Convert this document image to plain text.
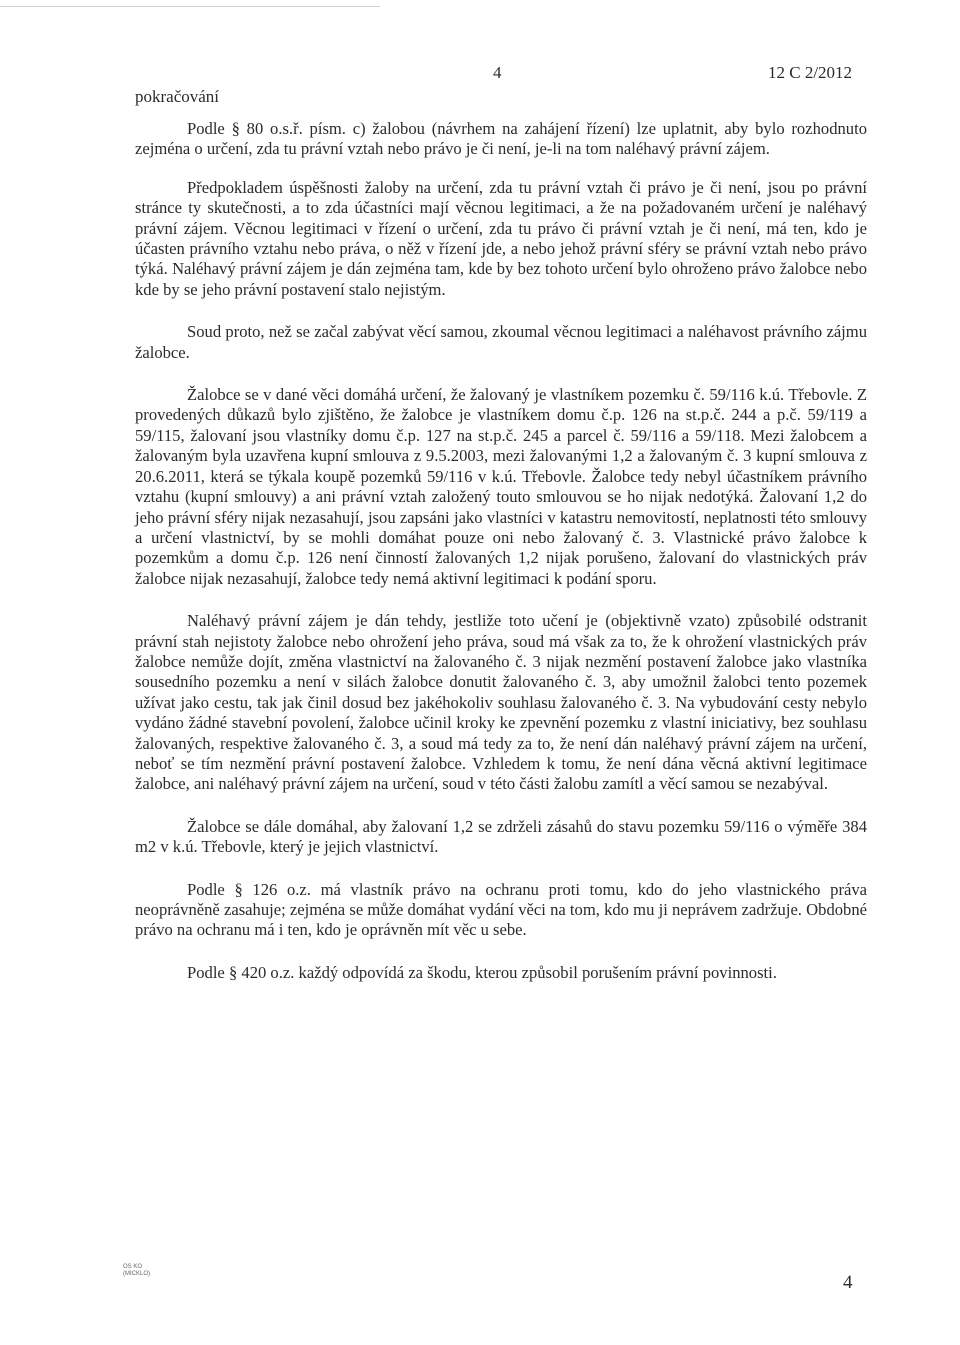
4	12 C 2/2012
pokračování

Podle § 80 o.s.ř. písm. c) žalobou (návrhem na zahájení řízení) lze uplatnit, aby bylo rozhodnuto zejména o určení, zda tu právní vztah nebo právo je či není, je-li na tom naléhavý právní zájem.

Předpokladem úspěšnosti žaloby na určení, zda tu právní vztah či právo je či není, jsou po právní stránce ty skutečnosti, a to zda účastníci mají věcnou legitimaci, a že na požadovaném určení je naléhavý právní zájem. Věcnou legitimaci v řízení o určení, zda tu právo či právní vztah je či není, má ten, kdo je účasten právního vztahu nebo práva, o něž v řízení jde, a nebo jehož právní sféry se právní vztah nebo právo týká. Naléhavý právní zájem je dán zejména tam, kde by bez tohoto určení bylo ohroženo právo žalobce nebo kde by se jeho právní postavení stalo nejistým.

Soud proto, než se začal zabývat věcí samou, zkoumal věcnou legitimaci a naléhavost právního zájmu žalobce.

Žalobce se v dané věci domáhá určení, že žalovaný je vlastníkem pozemku č. 59/116 k.ú. Třebovle. Z provedených důkazů bylo zjištěno, že žalobce je vlastníkem domu č.p. 126 na st.p.č. 244 a p.č. 59/119 a 59/115, žalovaní jsou vlastníky domu č.p. 127 na st.p.č. 245 a parcel č. 59/116 a 59/118. Mezi žalobcem a žalovaným byla uzavřena kupní smlouva z 9.5.2003, mezi žalovanými 1,2 a žalovaným č. 3 kupní smlouva z 20.6.2011, která se týkala koupě pozemků 59/116 v k.ú. Třebovle. Žalobce tedy nebyl účastníkem právního vztahu (kupní smlouvy) a ani právní vztah založený touto smlouvou se ho nijak nedotýká. Žalovaní 1,2 do jeho právní sféry nijak nezasahují, jsou zapsáni jako vlastníci v katastru nemovitostí, neplatnosti této smlouvy a určení vlastnictví, by se mohli domáhat pouze oni nebo žalovaný č. 3. Vlastnické právo žalobce k pozemkům a domu č.p. 126 není činností žalovaných 1,2 nijak porušeno, žalovaní do vlastnických práv žalobce nijak nezasahují, žalobce tedy nemá aktivní legitimaci k podání sporu.

Naléhavý právní zájem je dán tehdy, jestliže toto učení je (objektivně vzato) způsobilé odstranit právní stah nejistoty žalobce nebo ohrožení jeho práva, soud má však za to, že k ohrožení vlastnických práv žalobce nemůže dojít, změna vlastnictví na žalovaného č. 3 nijak nezmění postavení žalobce jako vlastníka sousedního pozemku a není v silách žalobce donutit žalovaného č. 3, aby umožnil žalobci tento pozemek užívat jako cestu, tak jak činil dosud bez jakéhokoliv souhlasu žalovaného č. 3. Na vybudování cesty nebylo vydáno žádné stavební povolení, žalobce učinil kroky ke zpevnění pozemku z vlastní iniciativy, bez souhlasu žalovaných, respektive žalovaného č. 3, a soud má tedy za to, že není dán naléhavý právní zájem na určení, neboť se tím nezmění právní postavení žalobce. Vzhledem k tomu, že není dána věcná aktivní legitimace žalobce, ani naléhavý právní zájem na určení, soud v této části žalobu zamítl a věcí samou se nezabýval.

Žalobce se dále domáhal, aby žalovaní 1,2 se zdrželi zásahů do stavu pozemku 59/116 o výměře 384 m2 v k.ú. Třebovle, který je jejich vlastnictví.

Podle § 126 o.z. má vlastník právo na ochranu proti tomu, kdo do jeho vlastnického práva neoprávněně zasahuje; zejména se může domáhat vydání věci na tom, kdo mu ji neprávem zadržuje. Obdobné právo na ochranu má i ten, kdo je oprávněn mít věc u sebe.

Podle § 420 o.z. každý odpovídá za škodu, kterou způsobil porušením právní povinnosti.

OS KO
(MICKLO)	4
